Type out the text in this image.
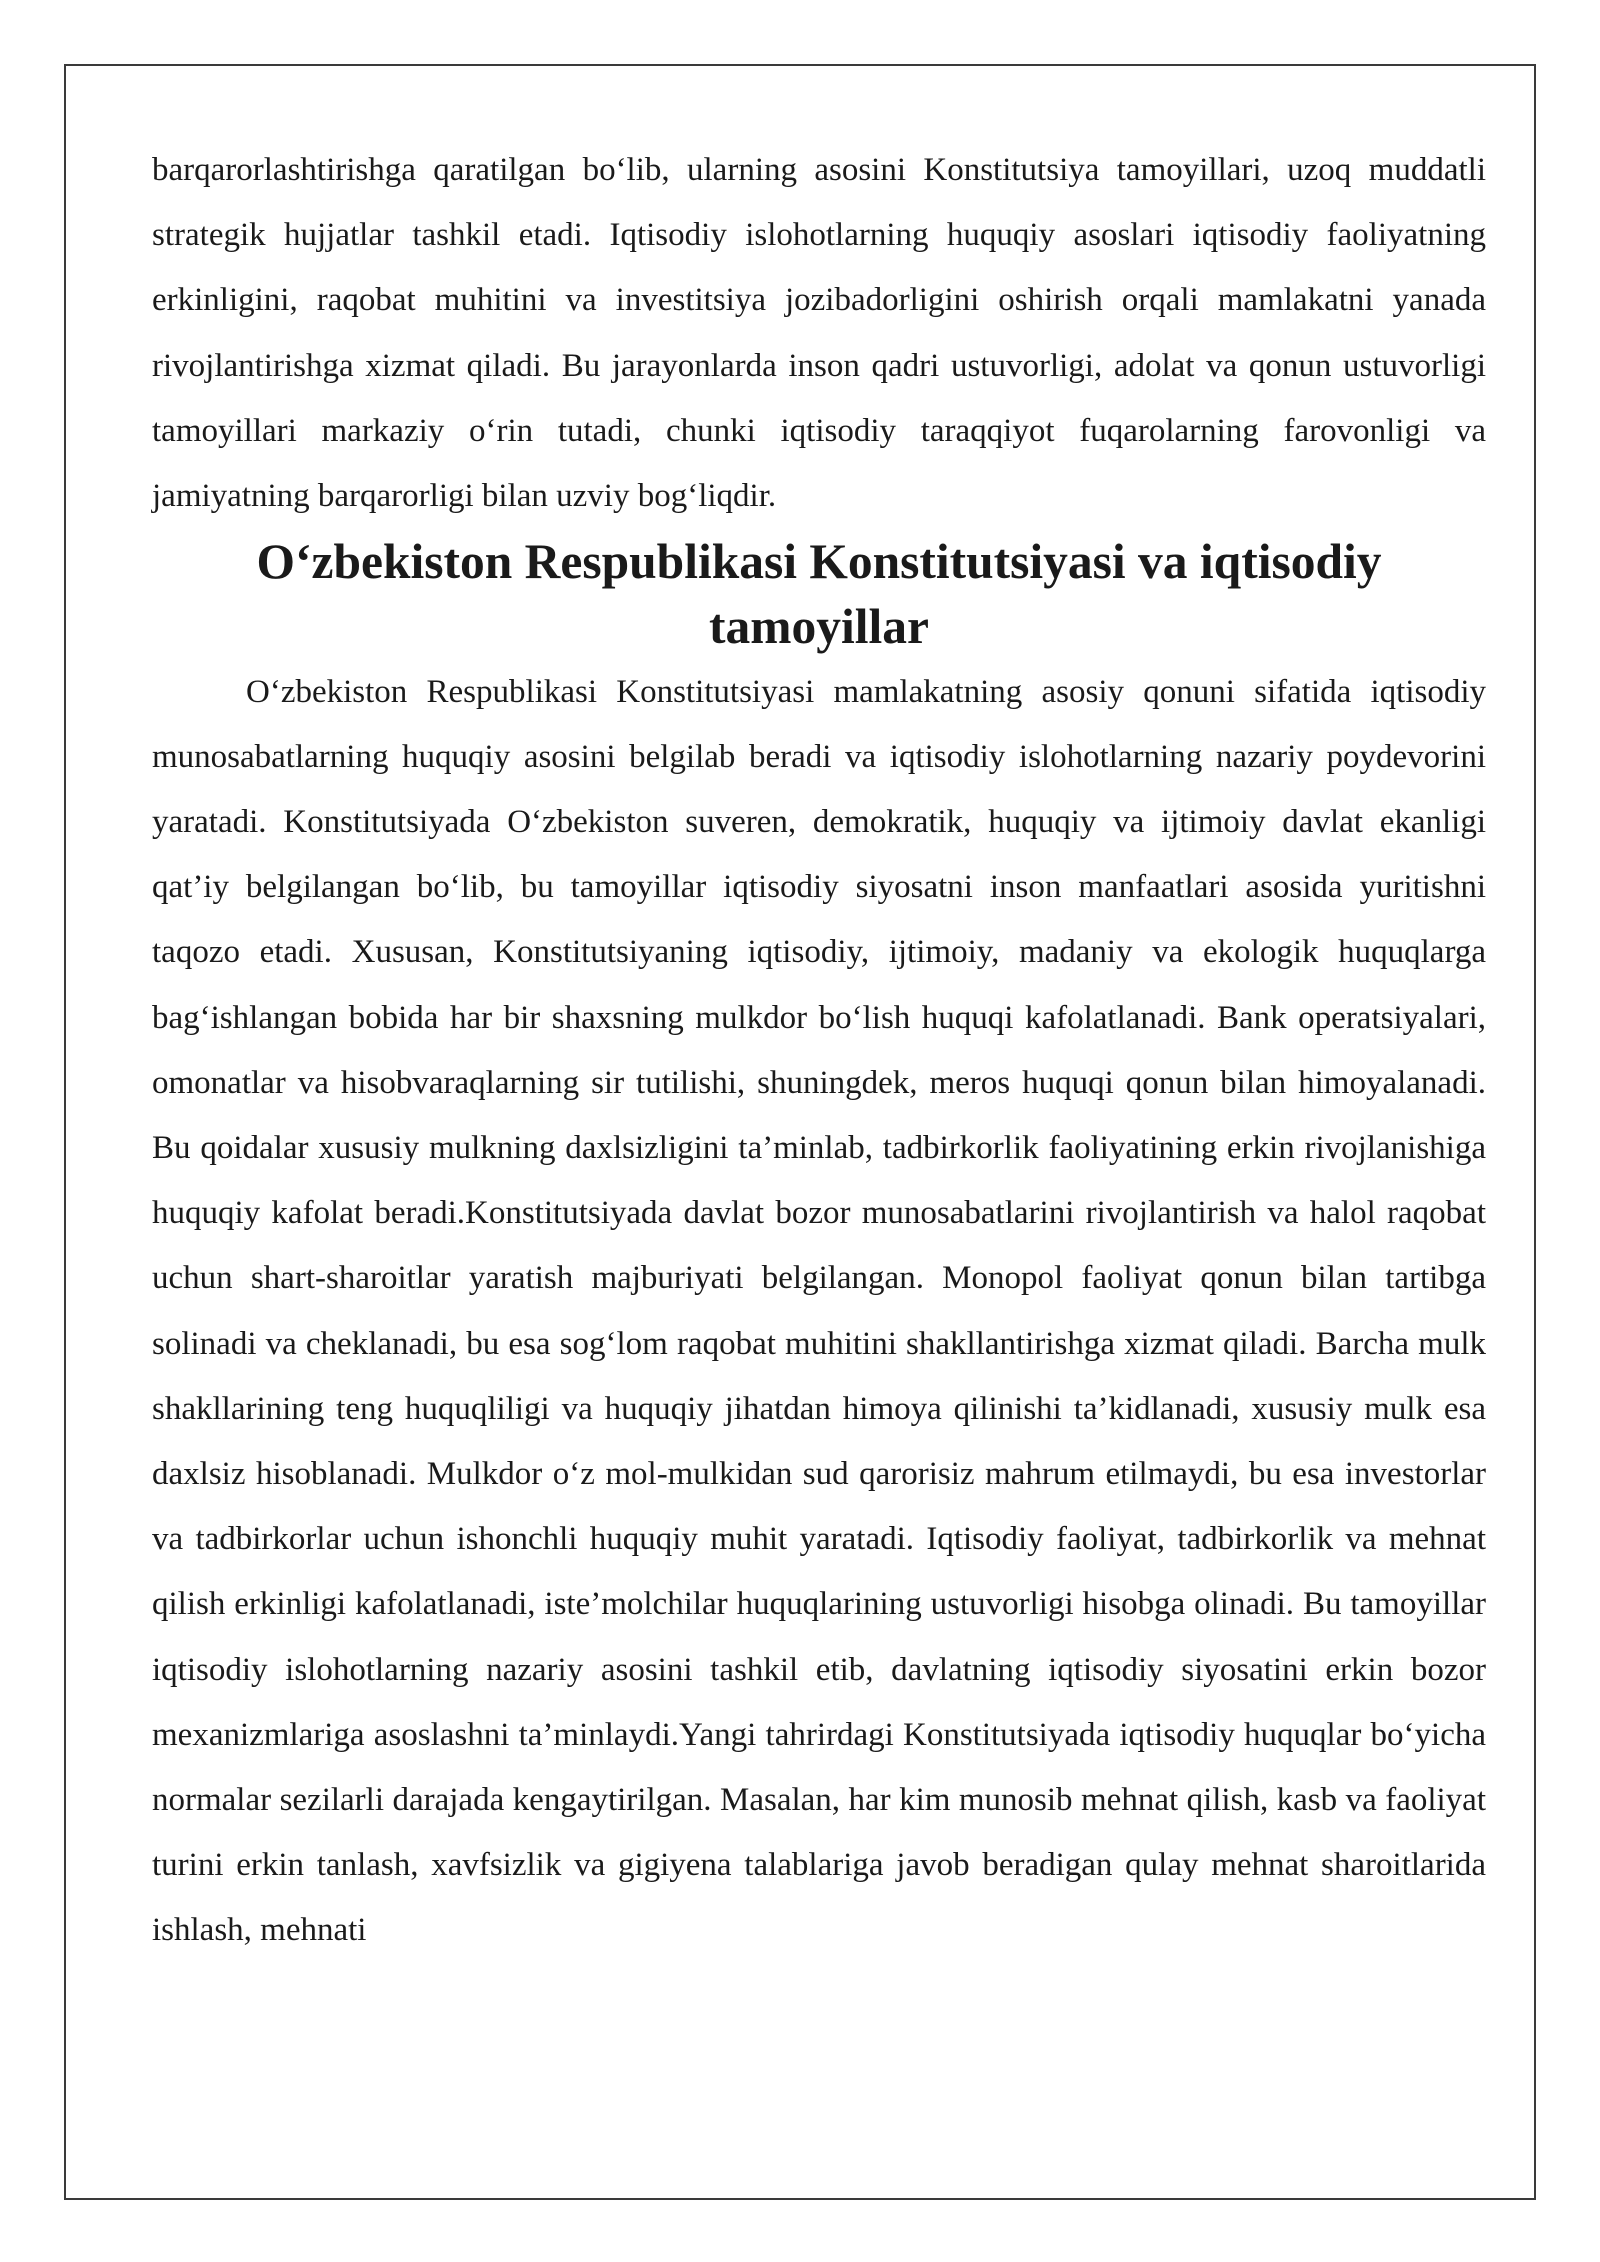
barqarorlashtirishga qaratilgan bo‘lib, ularning asosini Konstitutsiya tamoyillari, uzoq muddatli strategik hujjatlar tashkil etadi. Iqtisodiy islohotlarning huquqiy asoslari iqtisodiy faoliyatning erkinligini, raqobat muhitini va investitsiya jozibadorligini oshirish orqali mamlakatni yanada rivojlantirishga xizmat qiladi. Bu jarayonlarda inson qadri ustuvorligi, adolat va qonun ustuvorligi tamoyillari markaziy o‘rin tutadi, chunki iqtisodiy taraqqiyot fuqarolarning farovonligi va jamiyatning barqarorligi bilan uzviy bog‘liqdir.

O‘zbekiston Respublikasi Konstitutsiyasi va iqtisodiy tamoyillar

O‘zbekiston Respublikasi Konstitutsiyasi mamlakatning asosiy qonuni sifatida iqtisodiy munosabatlarning huquqiy asosini belgilab beradi va iqtisodiy islohotlarning nazariy poydevorini yaratadi. Konstitutsiyada O‘zbekiston suveren, demokratik, huquqiy va ijtimoiy davlat ekanligi qat’iy belgilangan bo‘lib, bu tamoyillar iqtisodiy siyosatni inson manfaatlari asosida yuritishni taqozo etadi. Xususan, Konstitutsiyaning iqtisodiy, ijtimoiy, madaniy va ekologik huquqlarga bag‘ishlangan bobida har bir shaxsning mulkdor bo‘lish huquqi kafolatlanadi. Bank operatsiyalari, omonatlar va hisobvaraqlarning sir tutilishi, shuningdek, meros huquqi qonun bilan himoyalanadi. Bu qoidalar xususiy mulkning daxlsizligini ta’minlab, tadbirkorlik faoliyatining erkin rivojlanishiga huquqiy kafolat beradi.Konstitutsiyada davlat bozor munosabatlarini rivojlantirish va halol raqobat uchun shart-sharoitlar yaratish majburiyati belgilangan. Monopol faoliyat qonun bilan tartibga solinadi va cheklanadi, bu esa sog‘lom raqobat muhitini shakllantirishga xizmat qiladi. Barcha mulk shakllarining teng huquqliligi va huquqiy jihatdan himoya qilinishi ta’kidlanadi, xususiy mulk esa daxlsiz hisoblanadi. Mulkdor o‘z mol-mulkidan sud qarorisiz mahrum etilmaydi, bu esa investorlar va tadbirkorlar uchun ishonchli huquqiy muhit yaratadi. Iqtisodiy faoliyat, tadbirkorlik va mehnat qilish erkinligi kafolatlanadi, iste’molchilar huquqlarining ustuvorligi hisobga olinadi. Bu tamoyillar iqtisodiy islohotlarning nazariy asosini tashkil etib, davlatning iqtisodiy siyosatini erkin bozor mexanizmlariga asoslashni ta’minlaydi.Yangi tahrirdagi Konstitutsiyada iqtisodiy huquqlar bo‘yicha normalar sezilarli darajada kengaytirilgan. Masalan, har kim munosib mehnat qilish, kasb va faoliyat turini erkin tanlash, xavfsizlik va gigiyena talablariga javob beradigan qulay mehnat sharoitlarida ishlash, mehnati
